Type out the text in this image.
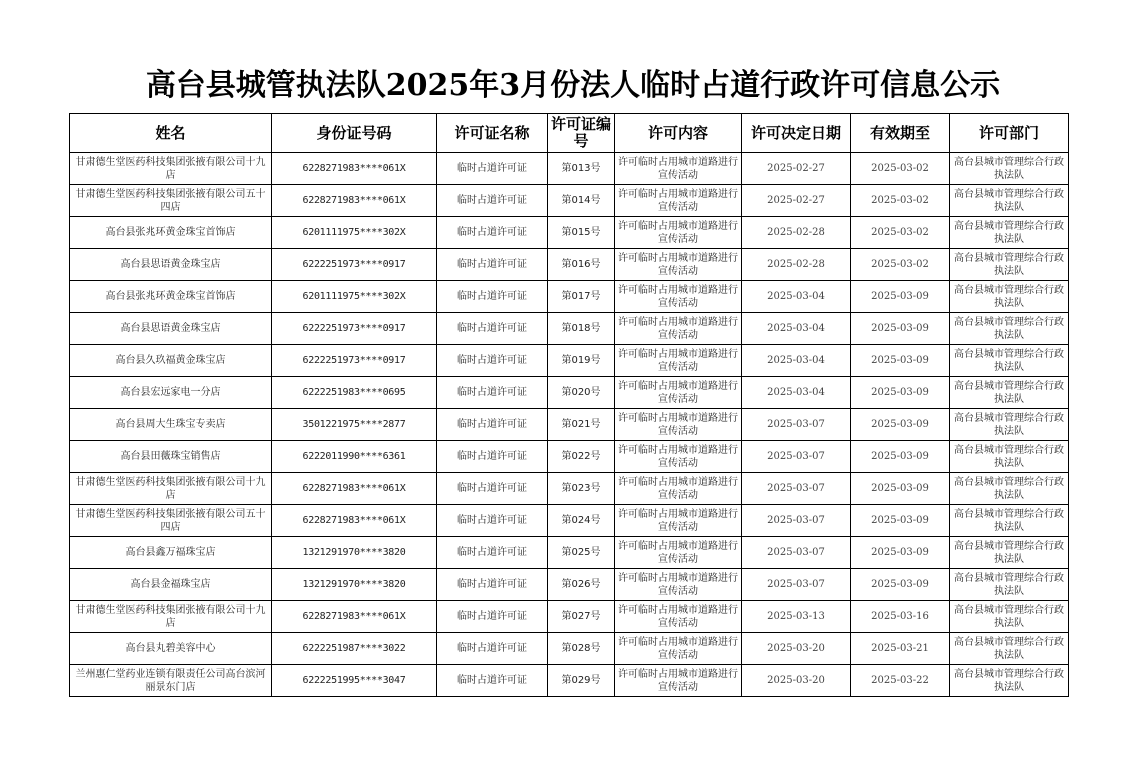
高台县城管执法队2025年3月份法人临时占道行政许可信息公示
姓名	身份证号码	许可证名称	许可证编号	许可内容	许可决定日期	有效期至	许可部门
甘肃德生堂医药科技集团张掖有限公司十九店	6228271983****061X	临时占道许可证	第013号	许可临时占用城市道路进行宣传活动	2025-02-27	2025-03-02	高台县城市管理综合行政执法队
甘肃德生堂医药科技集团张掖有限公司五十四店	6228271983****061X	临时占道许可证	第014号	许可临时占用城市道路进行宣传活动	2025-02-27	2025-03-02	高台县城市管理综合行政执法队
高台县张兆环黄金珠宝首饰店	6201111975****302X	临时占道许可证	第015号	许可临时占用城市道路进行宣传活动	2025-02-28	2025-03-02	高台县城市管理综合行政执法队
高台县思语黄金珠宝店	6222251973****0917	临时占道许可证	第016号	许可临时占用城市道路进行宣传活动	2025-02-28	2025-03-02	高台县城市管理综合行政执法队
高台县张兆环黄金珠宝首饰店	6201111975****302X	临时占道许可证	第017号	许可临时占用城市道路进行宣传活动	2025-03-04	2025-03-09	高台县城市管理综合行政执法队
高台县思语黄金珠宝店	6222251973****0917	临时占道许可证	第018号	许可临时占用城市道路进行宣传活动	2025-03-04	2025-03-09	高台县城市管理综合行政执法队
高台县久玖福黄金珠宝店	6222251973****0917	临时占道许可证	第019号	许可临时占用城市道路进行宣传活动	2025-03-04	2025-03-09	高台县城市管理综合行政执法队
高台县宏远家电一分店	6222251983****0695	临时占道许可证	第020号	许可临时占用城市道路进行宣传活动	2025-03-04	2025-03-09	高台县城市管理综合行政执法队
高台县周大生珠宝专卖店	3501221975****2877	临时占道许可证	第021号	许可临时占用城市道路进行宣传活动	2025-03-07	2025-03-09	高台县城市管理综合行政执法队
高台县田薇珠宝销售店	6222011990****6361	临时占道许可证	第022号	许可临时占用城市道路进行宣传活动	2025-03-07	2025-03-09	高台县城市管理综合行政执法队
甘肃德生堂医药科技集团张掖有限公司十九店	6228271983****061X	临时占道许可证	第023号	许可临时占用城市道路进行宣传活动	2025-03-07	2025-03-09	高台县城市管理综合行政执法队
甘肃德生堂医药科技集团张掖有限公司五十四店	6228271983****061X	临时占道许可证	第024号	许可临时占用城市道路进行宣传活动	2025-03-07	2025-03-09	高台县城市管理综合行政执法队
高台县鑫万福珠宝店	1321291970****3820	临时占道许可证	第025号	许可临时占用城市道路进行宣传活动	2025-03-07	2025-03-09	高台县城市管理综合行政执法队
高台县金福珠宝店	1321291970****3820	临时占道许可证	第026号	许可临时占用城市道路进行宣传活动	2025-03-07	2025-03-09	高台县城市管理综合行政执法队
甘肃德生堂医药科技集团张掖有限公司十九店	6228271983****061X	临时占道许可证	第027号	许可临时占用城市道路进行宣传活动	2025-03-13	2025-03-16	高台县城市管理综合行政执法队
高台县丸碧美容中心	6222251987****3022	临时占道许可证	第028号	许可临时占用城市道路进行宣传活动	2025-03-20	2025-03-21	高台县城市管理综合行政执法队
兰州惠仁堂药业连锁有限责任公司高台滨河丽景东门店	6222251995****3047	临时占道许可证	第029号	许可临时占用城市道路进行宣传活动	2025-03-20	2025-03-22	高台县城市管理综合行政执法队
